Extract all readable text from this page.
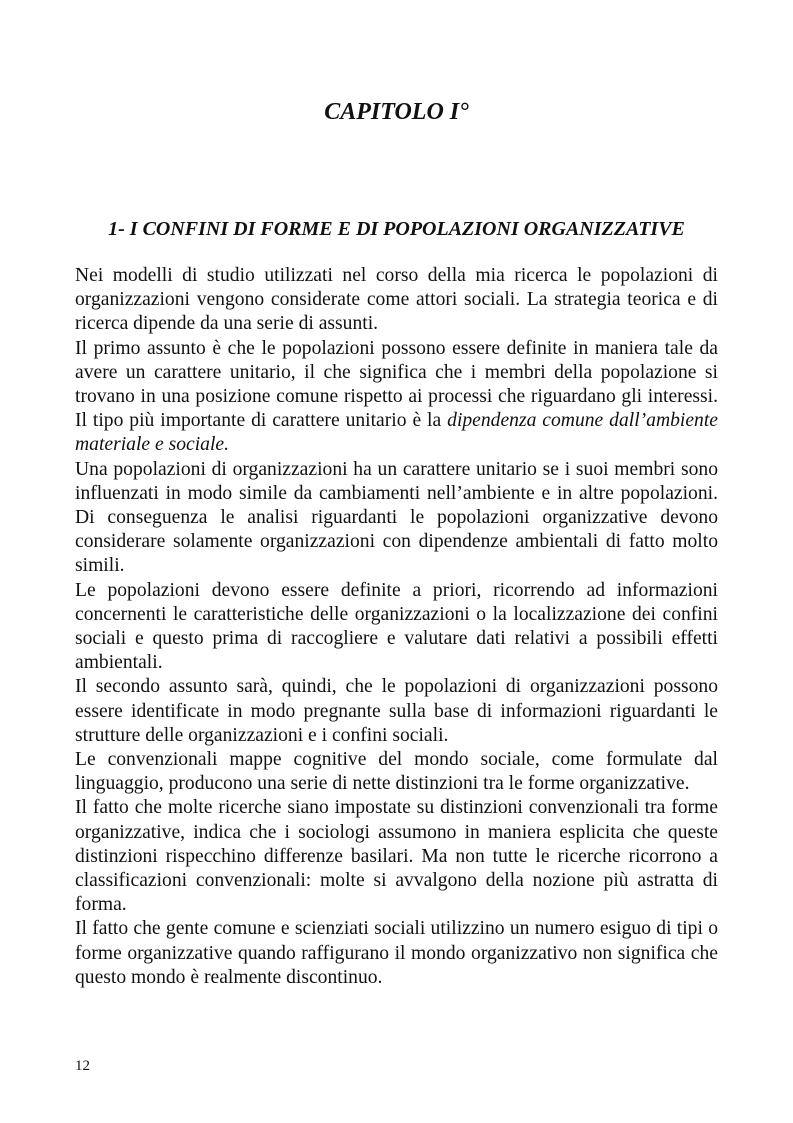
CAPITOLO I°
1- I CONFINI DI FORME E DI POPOLAZIONI ORGANIZZATIVE

Nei modelli di studio utilizzati nel corso della mia ricerca le popolazioni di organizzazioni vengono considerate come attori sociali. La strategia teorica e di ricerca dipende da una serie di assunti.

Il primo assunto è che le popolazioni possono essere definite in maniera tale da avere un carattere unitario, il che significa che i membri della popolazione si trovano in una posizione comune rispetto ai processi che riguardano gli interessi. Il tipo più importante di carattere unitario è la dipendenza comune dall’ambiente materiale e sociale.

Una popolazioni di organizzazioni ha un carattere unitario se i suoi membri sono influenzati in modo simile da cambiamenti nell’ambiente e in altre popolazioni. Di conseguenza le analisi riguardanti le popolazioni organizzative devono considerare solamente organizzazioni con dipendenze ambientali di fatto molto simili.

Le popolazioni devono essere definite a priori, ricorrendo ad informazioni concernenti le caratteristiche delle organizzazioni o la localizzazione dei confini sociali e questo prima di raccogliere e valutare dati relativi a possibili effetti ambientali.

Il secondo assunto sarà, quindi, che le popolazioni di organizzazioni possono essere identificate in modo pregnante sulla base di informazioni riguardanti le strutture delle organizzazioni e i confini sociali.

Le convenzionali mappe cognitive del mondo sociale, come formulate dal linguaggio, producono una serie di nette distinzioni tra le forme organizzative.

Il fatto che molte ricerche siano impostate su distinzioni convenzionali tra forme organizzative, indica che i sociologi assumono in maniera esplicita che queste distinzioni rispecchino differenze basilari. Ma non tutte le ricerche ricorrono a classificazioni convenzionali: molte si avvalgono della nozione più astratta di forma.

Il fatto che gente comune e scienziati sociali utilizzino un numero esiguo di tipi o forme organizzative quando raffigurano il mondo organizzativo non significa che questo mondo è realmente discontinuo.

12
